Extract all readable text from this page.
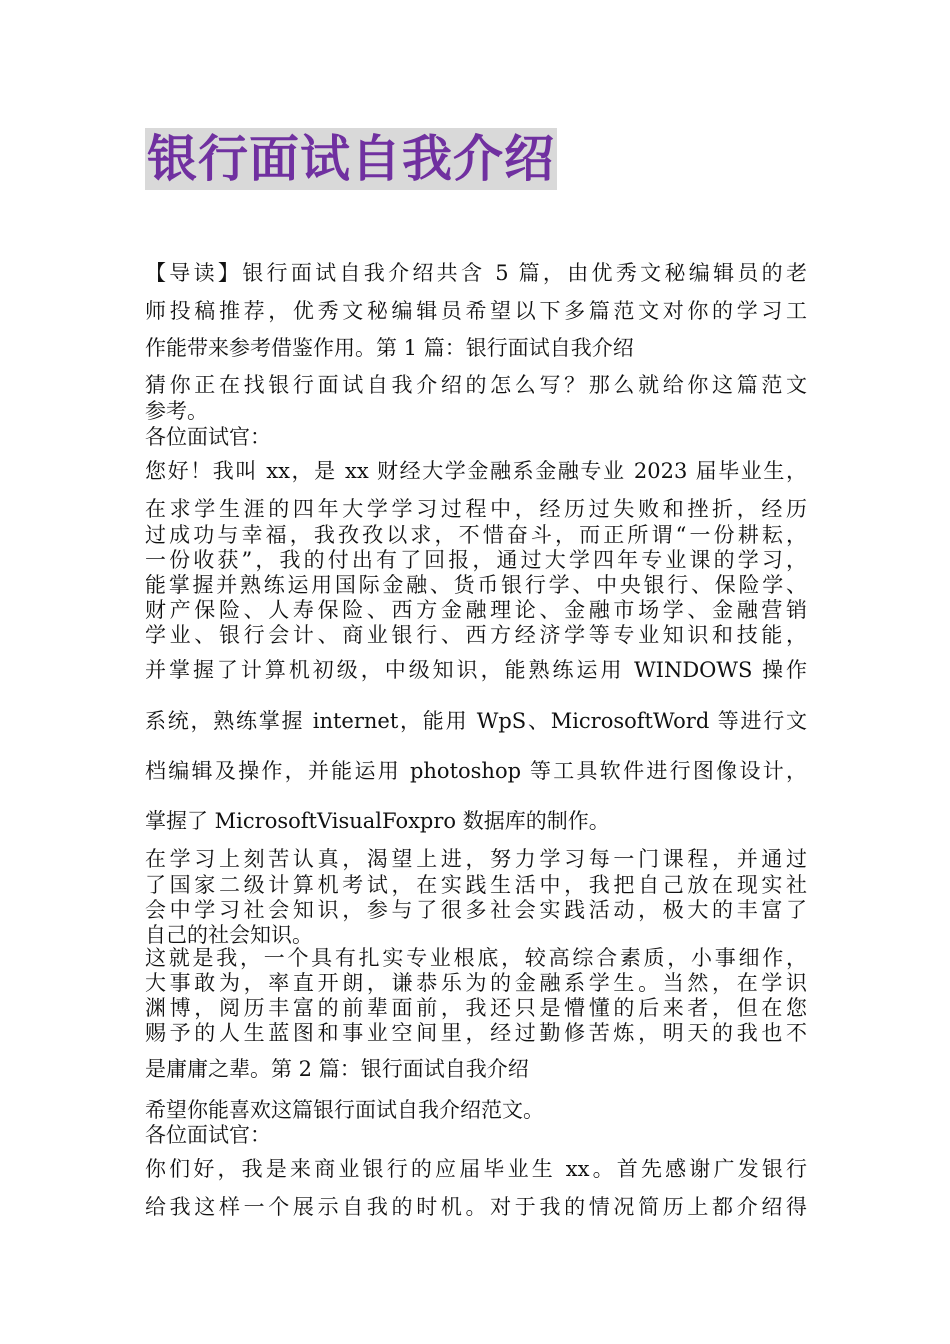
银行面试自我介绍
【导读】银行面试自我介绍共含 5 篇，由优秀文秘编辑员的老
师投稿推荐，优秀文秘编辑员希望以下多篇范文对你的学习工
作能带来参考借鉴作用。第 1 篇：银行面试自我介绍
猜你正在找银行面试自我介绍的怎么写？那么就给你这篇范文
参考。
各位面试官：
您好！我叫 xx，是 xx 财经大学金融系金融专业 2023 届毕业生，
在求学生涯的四年大学学习过程中，经历过失败和挫折，经历
过成功与幸福，我孜孜以求，不惜奋斗，而正所谓“一份耕耘，
一份收获”，我的付出有了回报，通过大学四年专业课的学习，
能掌握并熟练运用国际金融、货币银行学、中央银行、保险学、
财产保险、人寿保险、西方金融理论、金融市场学、金融营销
学业、银行会计、商业银行、西方经济学等专业知识和技能，
并掌握了计算机初级，中级知识，能熟练运用 WINDOWS 操作
系统，熟练掌握 internet，能用 WpS、MicrosoftWord 等进行文
档编辑及操作，并能运用 photoshop 等工具软件进行图像设计，
掌握了 MicrosoftVisualFoxpro 数据库的制作。
在学习上刻苦认真，渴望上进，努力学习每一门课程，并通过
了国家二级计算机考试，在实践生活中，我把自己放在现实社
会中学习社会知识，参与了很多社会实践活动，极大的丰富了
自己的社会知识。
这就是我，一个具有扎实专业根底，较高综合素质，小事细作，
大事敢为，率直开朗，谦恭乐为的金融系学生。当然，在学识
渊博，阅历丰富的前辈面前，我还只是懵懂的后来者，但在您
赐予的人生蓝图和事业空间里，经过勤修苦炼，明天的我也不
是庸庸之辈。第 2 篇：银行面试自我介绍
希望你能喜欢这篇银行面试自我介绍范文。
各位面试官：
你们好，我是来商业银行的应届毕业生 xx。首先感谢广发银行
给我这样一个展示自我的时机。对于我的情况简历上都介绍得
